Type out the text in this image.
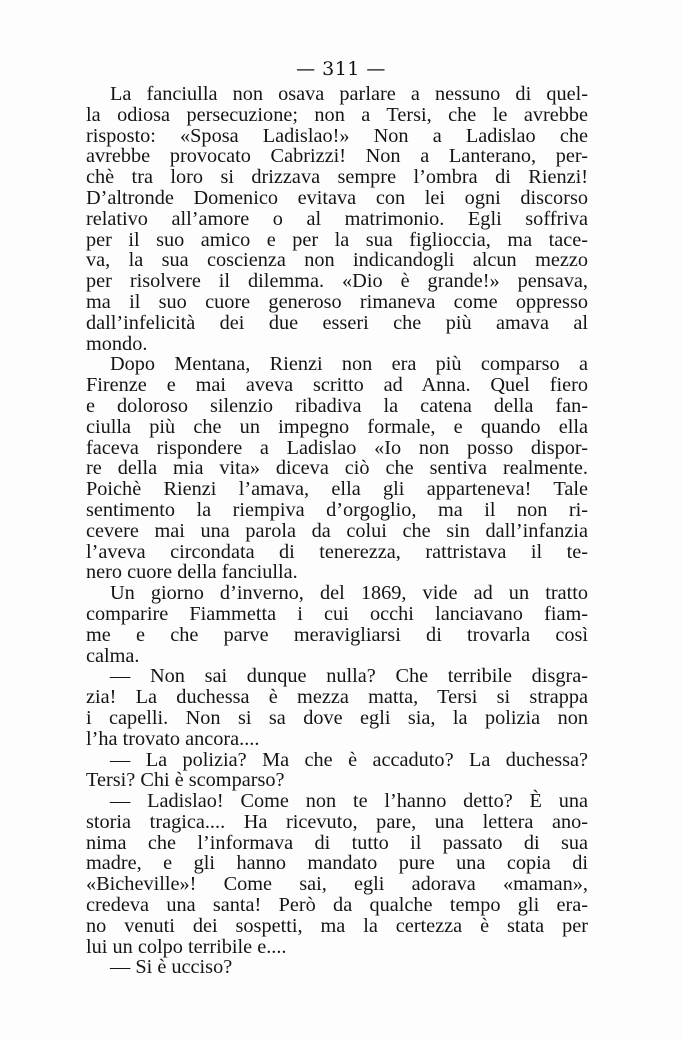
— 311 —
La fanciulla non osava parlare a nessuno di quel-
la odiosa persecuzione; non a Tersi, che le avrebbe
risposto: «Sposa Ladislao!» Non a Ladislao che
avrebbe provocato Cabrizzi! Non a Lanterano, per-
chè tra loro si drizzava sempre l’ombra di Rienzi!
D’altronde Domenico evitava con lei ogni discorso
relativo all’amore o al matrimonio. Egli soffriva
per il suo amico e per la sua figlioccia, ma tace-
va, la sua coscienza non indicandogli alcun mezzo
per risolvere il dilemma. «Dio è grande!» pensava,
ma il suo cuore generoso rimaneva come oppresso
dall’infelicità dei due esseri che più amava al
mondo.
Dopo Mentana, Rienzi non era più comparso a
Firenze e mai aveva scritto ad Anna. Quel fiero
e doloroso silenzio ribadiva la catena della fan-
ciulla più che un impegno formale, e quando ella
faceva rispondere a Ladislao «Io non posso dispor-
re della mia vita» diceva ciò che sentiva realmente.
Poichè Rienzi l’amava, ella gli apparteneva! Tale
sentimento la riempiva d’orgoglio, ma il non ri-
cevere mai una parola da colui che sin dall’infanzia
l’aveva circondata di tenerezza, rattristava il te-
nero cuore della fanciulla.
Un giorno d’inverno, del 1869, vide ad un tratto
comparire Fiammetta i cui occhi lanciavano fiam-
me e che parve meravigliarsi di trovarla così
calma.
— Non sai dunque nulla? Che terribile disgra-
zia! La duchessa è mezza matta, Tersi si strappa
i capelli. Non si sa dove egli sia, la polizia non
l’ha trovato ancora....
— La polizia? Ma che è accaduto? La duchessa?
Tersi? Chi è scomparso?
— Ladislao! Come non te l’hanno detto? È una
storia tragica.... Ha ricevuto, pare, una lettera ano-
nima che l’informava di tutto il passato di sua
madre, e gli hanno mandato pure una copia di
«Bicheville»! Come sai, egli adorava «maman»,
credeva una santa! Però da qualche tempo gli era-
no venuti dei sospetti, ma la certezza è stata per
lui un colpo terribile e....
— Si è ucciso?
